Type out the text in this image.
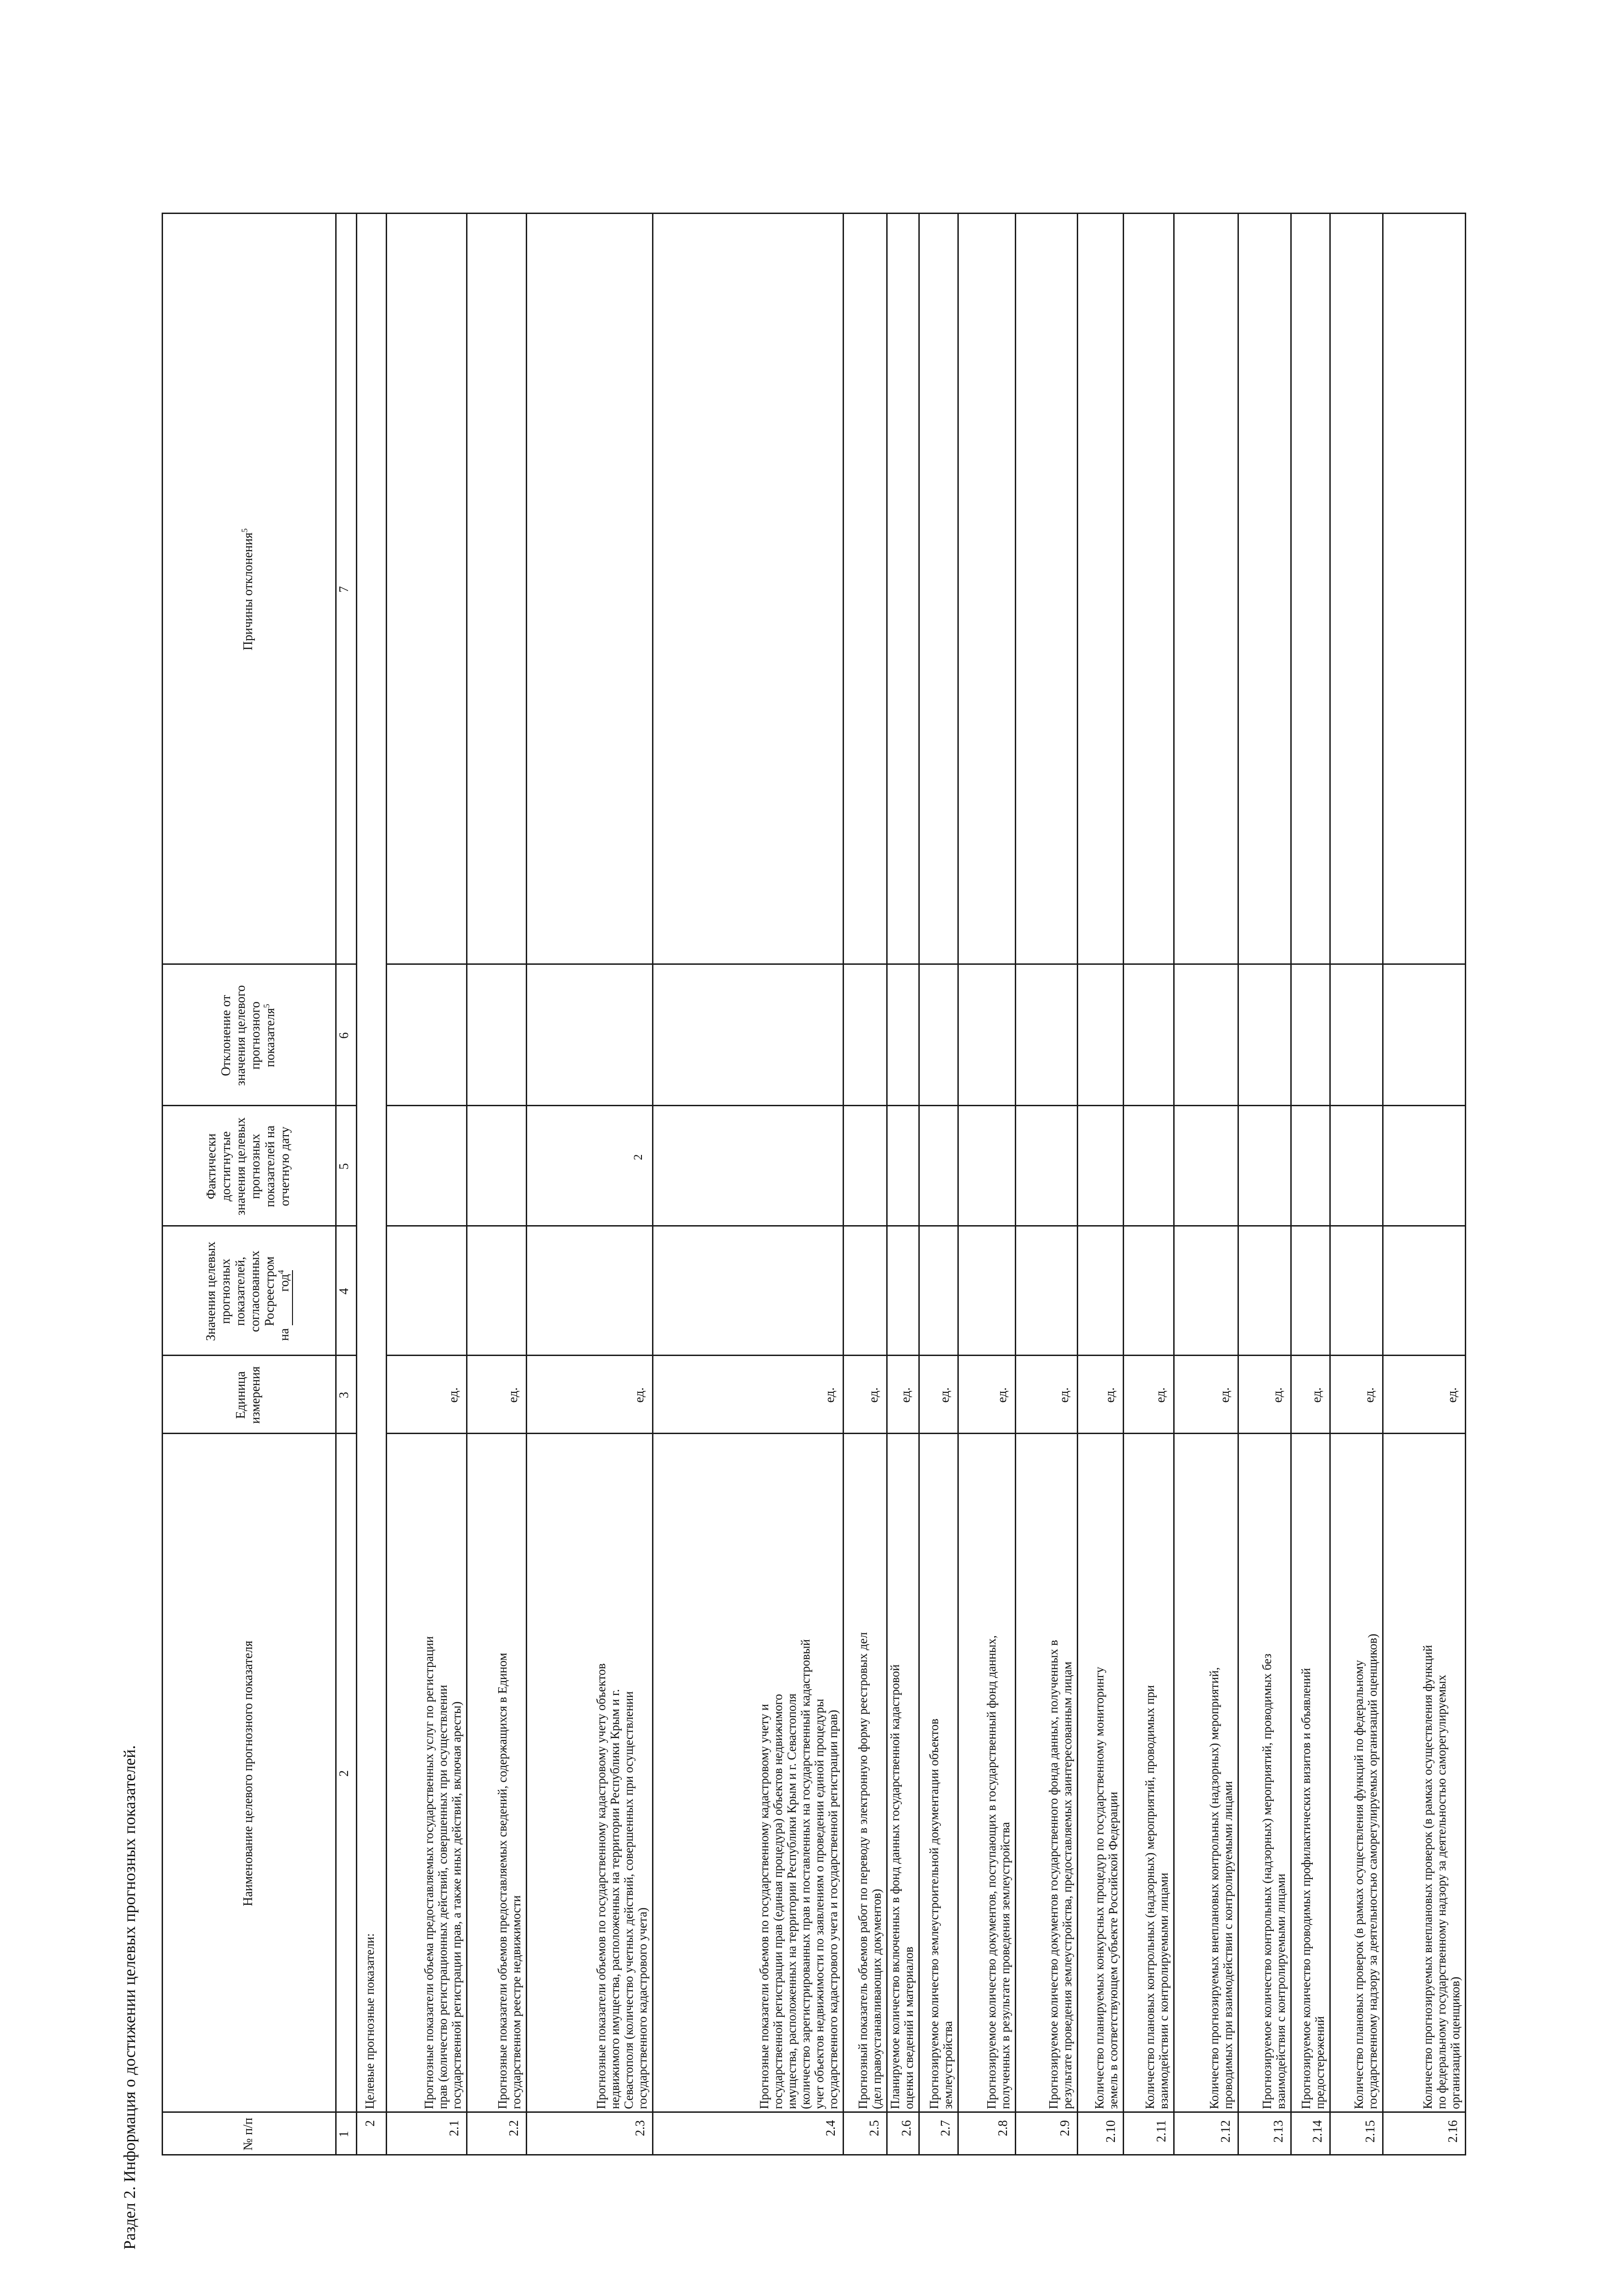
2
Раздел 2. Информация о достижении целевых прогнозных показателей.	№ п/п
Наименование целевого прогнозного показателя
Единица измерения
Значения целевых прогнозных показателей, согласованных Росреестром
на год$^4$
Фактически достигнутые значения целевых прогнозных показателей на отчетную дату
Отклонение от значения целевого прогнозного показателя$^5$
Причины отклонения$^5$
1
2
3
4
5
6
7
2
Целевые прогнозные показатели:
2.1
Прогнозные показатели объема предоставляемых государственных услуг по регистрации прав (количество регистрационных действий, совершенных при осуществлении государственной регистрации прав, а также иных действий, включая аресты)
ед.
2.2
Прогнозные показатели объемов предоставляемых сведений, содержащихся в Едином государственном реестре недвижимости
ед.
2.3
Прогнозные показатели объемов по государственному кадастровому учету объектов недвижимого имущества, расположенных на территории Республики Крым и г. Севастополя (количество учетных действий, совершенных при осуществлении государственного кадастрового учета)
ед.
2.4
Прогнозные показатели объемов по государственному кадастровому учету и государственной регистрации прав (единая процедура) объектов недвижимого имущества, расположенных на территории Республики Крым и г. Севастополя (количество зарегистрированных прав и поставленных на государственный кадастровый учет объектов недвижимости по заявлениям о проведении единой процедуры государственного кадастрового учета и государственной регистрации прав)
ед.
2.5
Прогнозный показатель объемов работ по переводу в электронную форму реестровых дел (дел правоустанавливающих документов)
ед.
2.6
Планируемое количество включенных в фонд данных государственной кадастровой оценки сведений и материалов
ед.
2.7
Прогнозируемое количество землеустроительной документации объектов землеустройства
ед.
2.8
Прогнозируемое количество документов, поступающих в государственный фонд данных, полученных в результате проведения землеустройства
ед.
2.9
Прогнозируемое количество документов государственного фонда данных, полученных в результате проведения землеустройства, предоставляемых заинтересованным лицам
ед.
2.10
Количество планируемых конкурсных процедур по государственному мониторингу земель в соответствующем субъекте Российской Федерации
ед.
2.11
Количество плановых контрольных (надзорных) мероприятий, проводимых при взаимодействии с контролируемыми лицами
ед.
2.12
Количество прогнозируемых внеплановых контрольных (надзорных) мероприятий, проводимых при взаимодействии с контролируемыми лицами
ед.
2.13
Прогнозируемое количество контрольных (надзорных) мероприятий, проводимых без взаимодействия с контролируемыми лицами
ед.
2.14
Прогнозируемое количество проводимых профилактических визитов и объявлений предостережений
ед.
2.15
Количество плановых проверок (в рамках осуществления функций по федеральному государственному надзору за деятельностью саморегулируемых организаций оценщиков)
ед.
2.16
Количество прогнозируемых внеплановых проверок (в рамках осуществления функций по федеральному государственному надзору за деятельностью саморегулируемых организаций оценщиков)
ед.
